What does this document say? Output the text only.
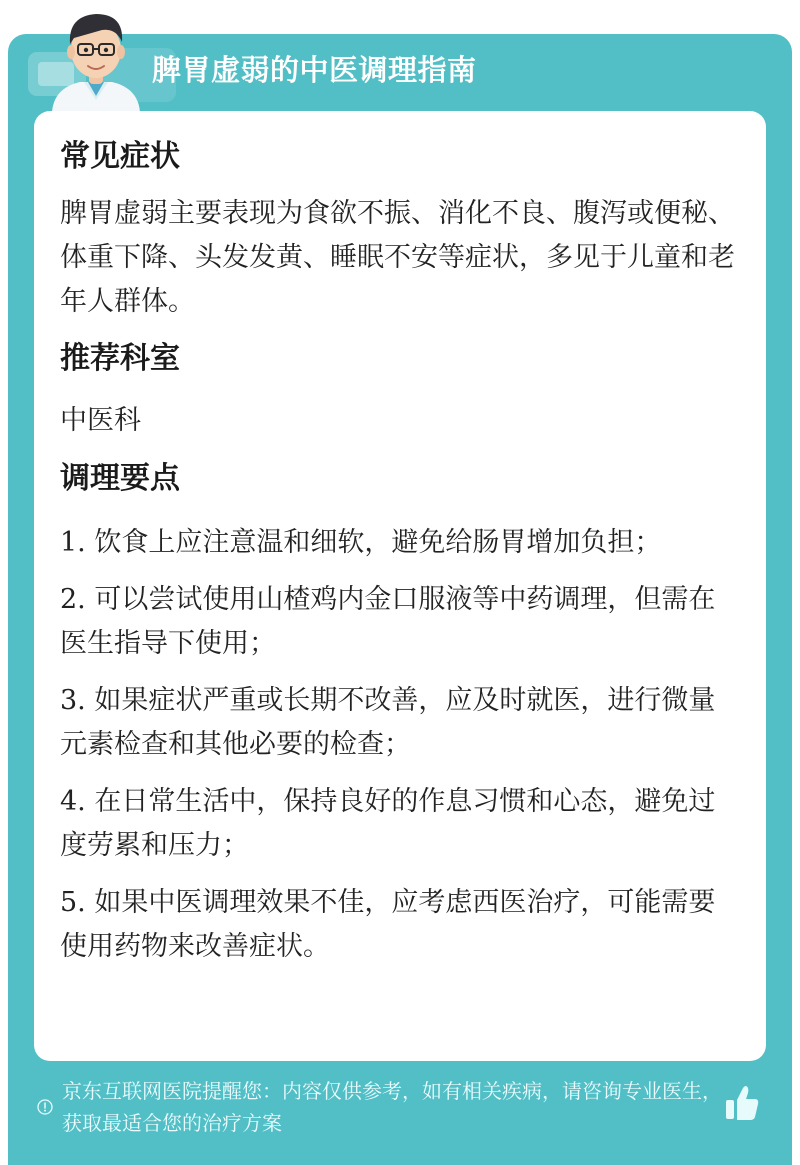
脾胃虚弱的中医调理指南
常见症状

脾胃虚弱主要表现为食欲不振、消化不良、腹泻或便秘、体重下降、头发发黄、睡眠不安等症状，多见于儿童和老年人群体。

推荐科室

中医科

调理要点
1. 饮食上应注意温和细软，避免给肠胃增加负担；
2. 可以尝试使用山楂鸡内金口服液等中药调理，但需在医生指导下使用；
3. 如果症状严重或长期不改善，应及时就医，进行微量元素检查和其他必要的检查；
4. 在日常生活中，保持良好的作息习惯和心态，避免过度劳累和压力；
5. 如果中医调理效果不佳，应考虑西医治疗，可能需要使用药物来改善症状。

京东互联网医院提醒您：内容仅供参考，如有相关疾病，请咨询专业医生，获取最适合您的治疗方案
